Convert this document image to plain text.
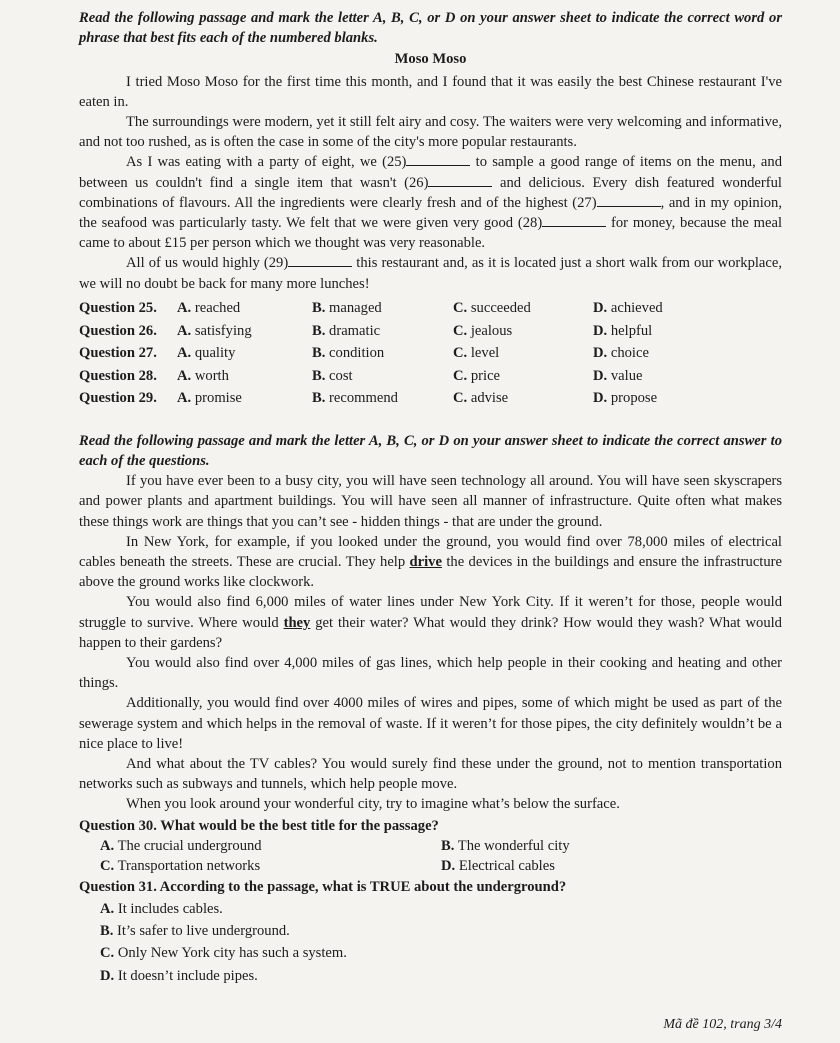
Read the following passage and mark the letter A, B, C, or D on your answer sheet to indicate the correct word or phrase that best fits each of the numbered blanks.
Moso Moso

I tried Moso Moso for the first time this month, and I found that it was easily the best Chinese restaurant I've eaten in.

The surroundings were modern, yet it still felt airy and cosy. The waiters were very welcoming and informative, and not too rushed, as is often the case in some of the city's more popular restaurants.

As I was eating with a party of eight, we (25)	to sample a good range of items on the menu, and between us couldn't find a single item that wasn't (26)	and delicious. Every dish featured wonderful combinations of flavours. All the ingredients were clearly fresh and of the highest (27)	, and in my opinion, the seafood was particularly tasty. We felt that we were given very good (28)	for money, because the meal came to about £15 per person which we thought was very reasonable.

All of us would highly (29)	this restaurant and, as it is located just a short walk from our workplace, we will no doubt be back for many more lunches!

Question 25.	A. reached	B. managed	C. succeeded	D. achieved
Question 26.	A. satisfying	B. dramatic	C. jealous	D. helpful
Question 27.	A. quality	B. condition	C. level	D. choice
Question 28.	A. worth	B. cost	C. price	D. value
Question 29.	A. promise	B. recommend	C. advise	D. propose
Read the following passage and mark the letter A, B, C, or D on your answer sheet to indicate the correct answer to each of the questions.

If you have ever been to a busy city, you will have seen technology all around. You will have seen skyscrapers and power plants and apartment buildings. You will have seen all manner of infrastructure. Quite often what makes these things work are things that you can’t see - hidden things - that are under the ground.

In New York, for example, if you looked under the ground, you would find over 78,000 miles of electrical cables beneath the streets. These are crucial. They help drive the devices in the buildings and ensure the infrastructure above the ground works like clockwork.

You would also find 6,000 miles of water lines under New York City. If it weren’t for those, people would struggle to survive. Where would they get their water? What would they drink? How would they wash? What would happen to their gardens?

You would also find over 4,000 miles of gas lines, which help people in their cooking and heating and other things.

Additionally, you would find over 4000 miles of wires and pipes, some of which might be used as part of the sewerage system and which helps in the removal of waste. If it weren’t for those pipes, the city definitely wouldn’t be a nice place to live!

And what about the TV cables? You would surely find these under the ground, not to mention transportation networks such as subways and tunnels, which help people move.

When you look around your wonderful city, try to imagine what’s below the surface.

Question 30. What would be the best title for the passage?
A. The crucial underground	B. The wonderful city
C. Transportation networks	D. Electrical cables
Question 31. According to the passage, what is TRUE about the underground?
A.
It includes cables.
B.
It’s safer to live underground.
C.
Only New York city has such a system.
D.
It doesn’t include pipes.
Mã đề 102, trang 3/4
